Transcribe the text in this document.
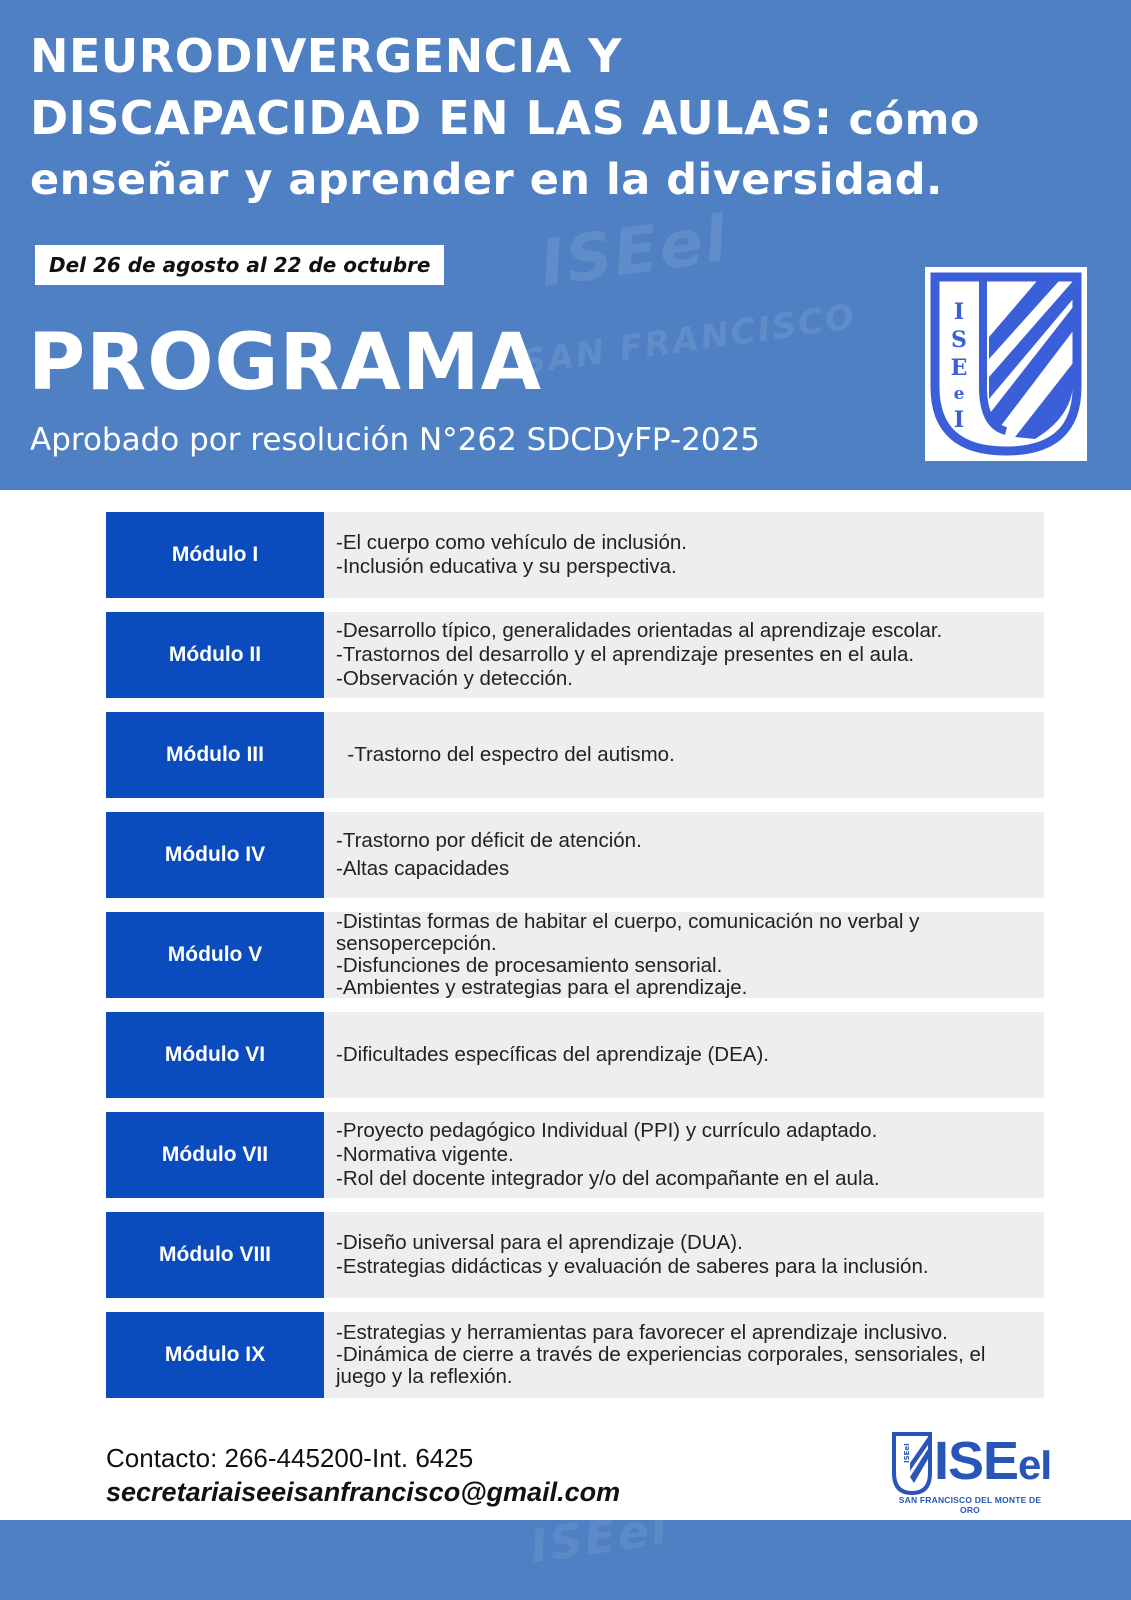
ISEel
SAN FRANCISCO
NEURODIVERGENCIA Y
DISCAPACIDAD EN LAS AULAS: cómo
enseñar y aprender en la diversidad.
Del 26 de agosto al 22 de octubre
PROGRAMA
Aprobado por resolución N°262 SDCDyFP-2025
I
S
E
e
I
Módulo I
-El cuerpo como vehículo de inclusión.
-Inclusión educativa y su perspectiva.
Módulo II
-Desarrollo típico, generalidades orientadas al aprendizaje escolar.
-Trastornos del desarrollo y el aprendizaje presentes en el aula.
-Observación y detección.
Módulo III	-Trastorno del espectro del autismo.
Módulo IV
-Trastorno por déficit de atención.
-Altas capacidades
Módulo V
-Distintas formas de habitar el cuerpo, comunicación no verbal y sensopercepción.
-Disfunciones de procesamiento sensorial.
-Ambientes y estrategias para el aprendizaje.
Módulo VI	-Dificultades específicas del aprendizaje (DEA).
Módulo VII
-Proyecto pedagógico Individual (PPI) y currículo adaptado.
-Normativa vigente.
-Rol del docente integrador y/o del acompañante en el aula.
Módulo VIII
-Diseño universal para el aprendizaje (DUA).
-Estrategias didácticas y evaluación de saberes para la inclusión.
Módulo IX
-Estrategias y herramientas para favorecer el aprendizaje inclusivo.
-Dinámica de cierre a través de experiencias corporales, sensoriales, el juego y la reflexión.
Contacto: 266-445200-Int. 6425
secretariaiseeisanfrancisco@gmail.com
ISEeI ISEeI
SAN FRANCISCO DEL MONTE DE ORO
ISEel
